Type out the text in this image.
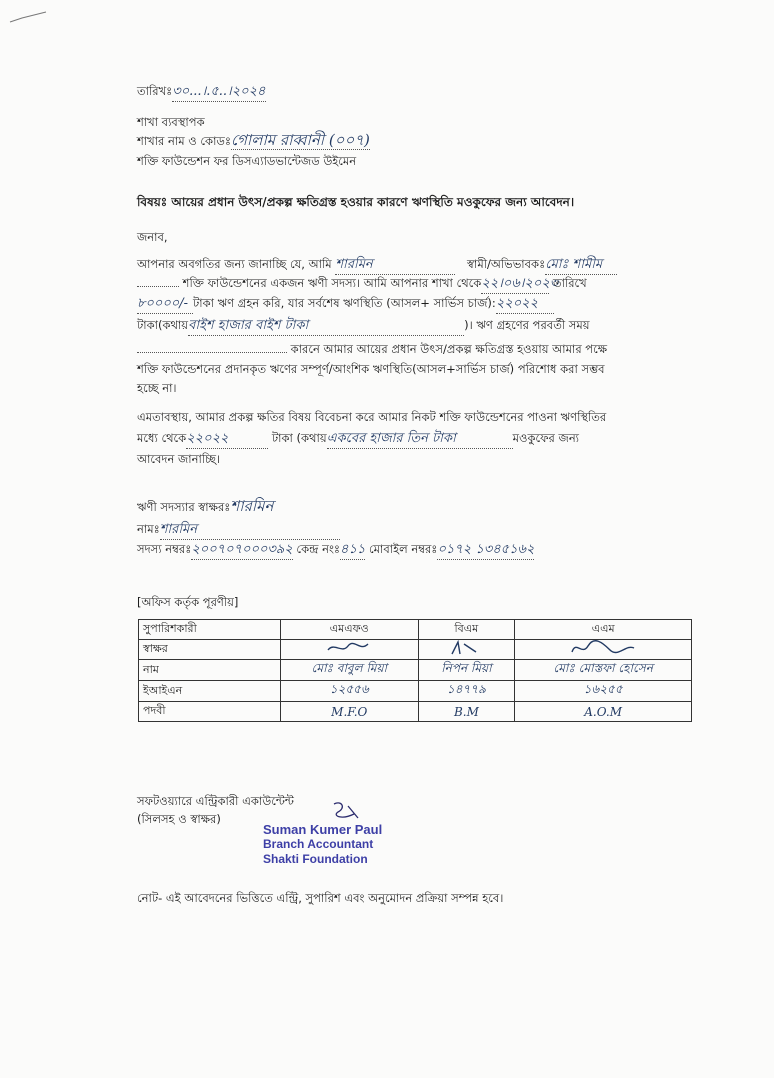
তারিখঃ৩০...।.৫..।২০২৪
শাখা ব্যবস্থাপক
শাখার নাম ও কোডঃগোলাম রাব্বানী (০০৭)
শক্তি ফাউন্ডেশন ফর ডিসএ্যাডভান্টেজড উইমেন
বিষয়ঃ আয়ের প্রধান উৎস/প্রকল্প ক্ষতিগ্রস্ত হওয়ার কারণে ঋণস্থিতি মওকুফের জন্য আবেদন।
জনাব,
আপনার অবগতির জন্য জানাচ্ছি যে, আমি শারমিন	স্বামী/অভিভাবকঃমোঃ শামীম
শক্তি ফাউন্ডেশনের একজন ঋণী সদস্য। আমি আপনার শাখা থেকে২২।০৬।২০২৩ তারিখে
৮০০০০/- টাকা ঋণ গ্রহন করি, যার সর্বশেষ ঋণস্থিতি (আসল+ সার্ভিস চার্জ):২২০২২
টাকা(কথায়বাইশ হাজার বাইশ টাকা	)। ঋণ গ্রহণের পরবর্তী সময়
কারনে আমার আয়ের প্রধান উৎস/প্রকল্প ক্ষতিগ্রস্ত হওয়ায় আমার পক্ষে
শক্তি ফাউন্ডেশনের প্রদানকৃত ঋণের সম্পূর্ণ/আংশিক ঋণস্থিতি(আসল+সার্ভিস চার্জ) পরিশোধ করা সম্ভব
হচ্ছে না।
এমতাবস্থায়, আমার প্রকল্প ক্ষতির বিষয় বিবেচনা করে আমার নিকট শক্তি ফাউন্ডেশনের পাওনা ঋণস্থিতির
মধ্যে থেকে২২০২২	টাকা (কথায়একবের হাজার তিন টাকা	মওকুফের জন্য
আবেদন জানাচ্ছি।
ঋণী সদস্যার স্বাক্ষরঃশারমিন
নামঃশারমিন
সদস্য নম্বরঃ২০০৭০৭০০০৩৯২ কেন্দ্র নংঃ৪১১ মোবাইল নম্বরঃ০১৭২ ১৩৪৫১৬২
[অফিস কর্তৃক পূরণীয়]
সুপারিশকারী	এমএফও	বিএম	এএম
স্বাক্ষর			
নাম	মোঃ বাবুল মিয়া	নিপন মিয়া	মোঃ মোস্তফা হোসেন
ইআইএন	১২৫৫৬	১৪৭৭৯	১৬২৫৫
পদবী	M.F.O	B.M	A.O.M
সফটওয়্যারে এন্ট্রিকারী একাউন্টেন্ট
(সিলসহ ও স্বাক্ষর)
Suman Kumer Paul
Branch Accountant
Shakti Foundation
নোট- এই আবেদনের ভিত্তিতে এন্ট্রি, সুপারিশ এবং অনুমোদন প্রক্রিয়া সম্পন্ন হবে।
